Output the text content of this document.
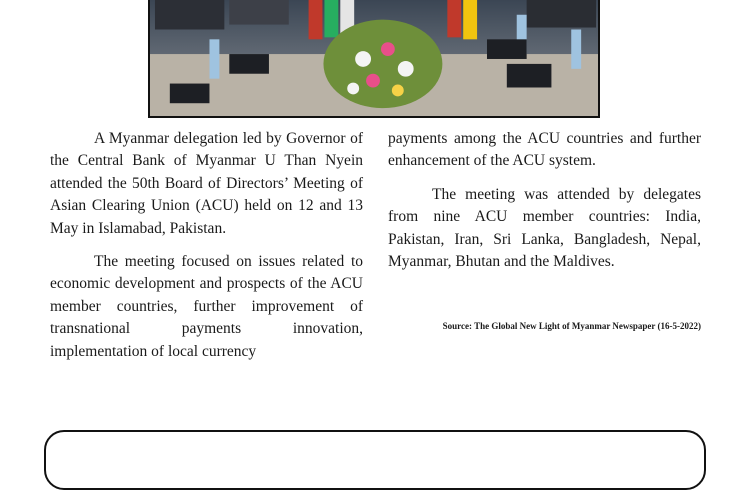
A Myanmar delegation led by Governor of the Central Bank of Myanmar U Than Nyein attended the 50th Board of Directors’ Meeting of Asian Clearing Union (ACU) held on 12 and 13 May in Islamabad, Pakistan.

The meeting focused on issues related to economic development and prospects of the ACU member countries, further improvement of transnational payments innovation, implementation of local currency

payments among the ACU countries and further enhancement of the ACU system.

The meeting was attended by delegates from nine ACU member countries: India, Pakistan, Iran, Sri Lanka, Bangladesh, Nepal, Myanmar, Bhutan and the Maldives.

Source: The Global New Light of Myanmar Newspaper (16-5-2022)
